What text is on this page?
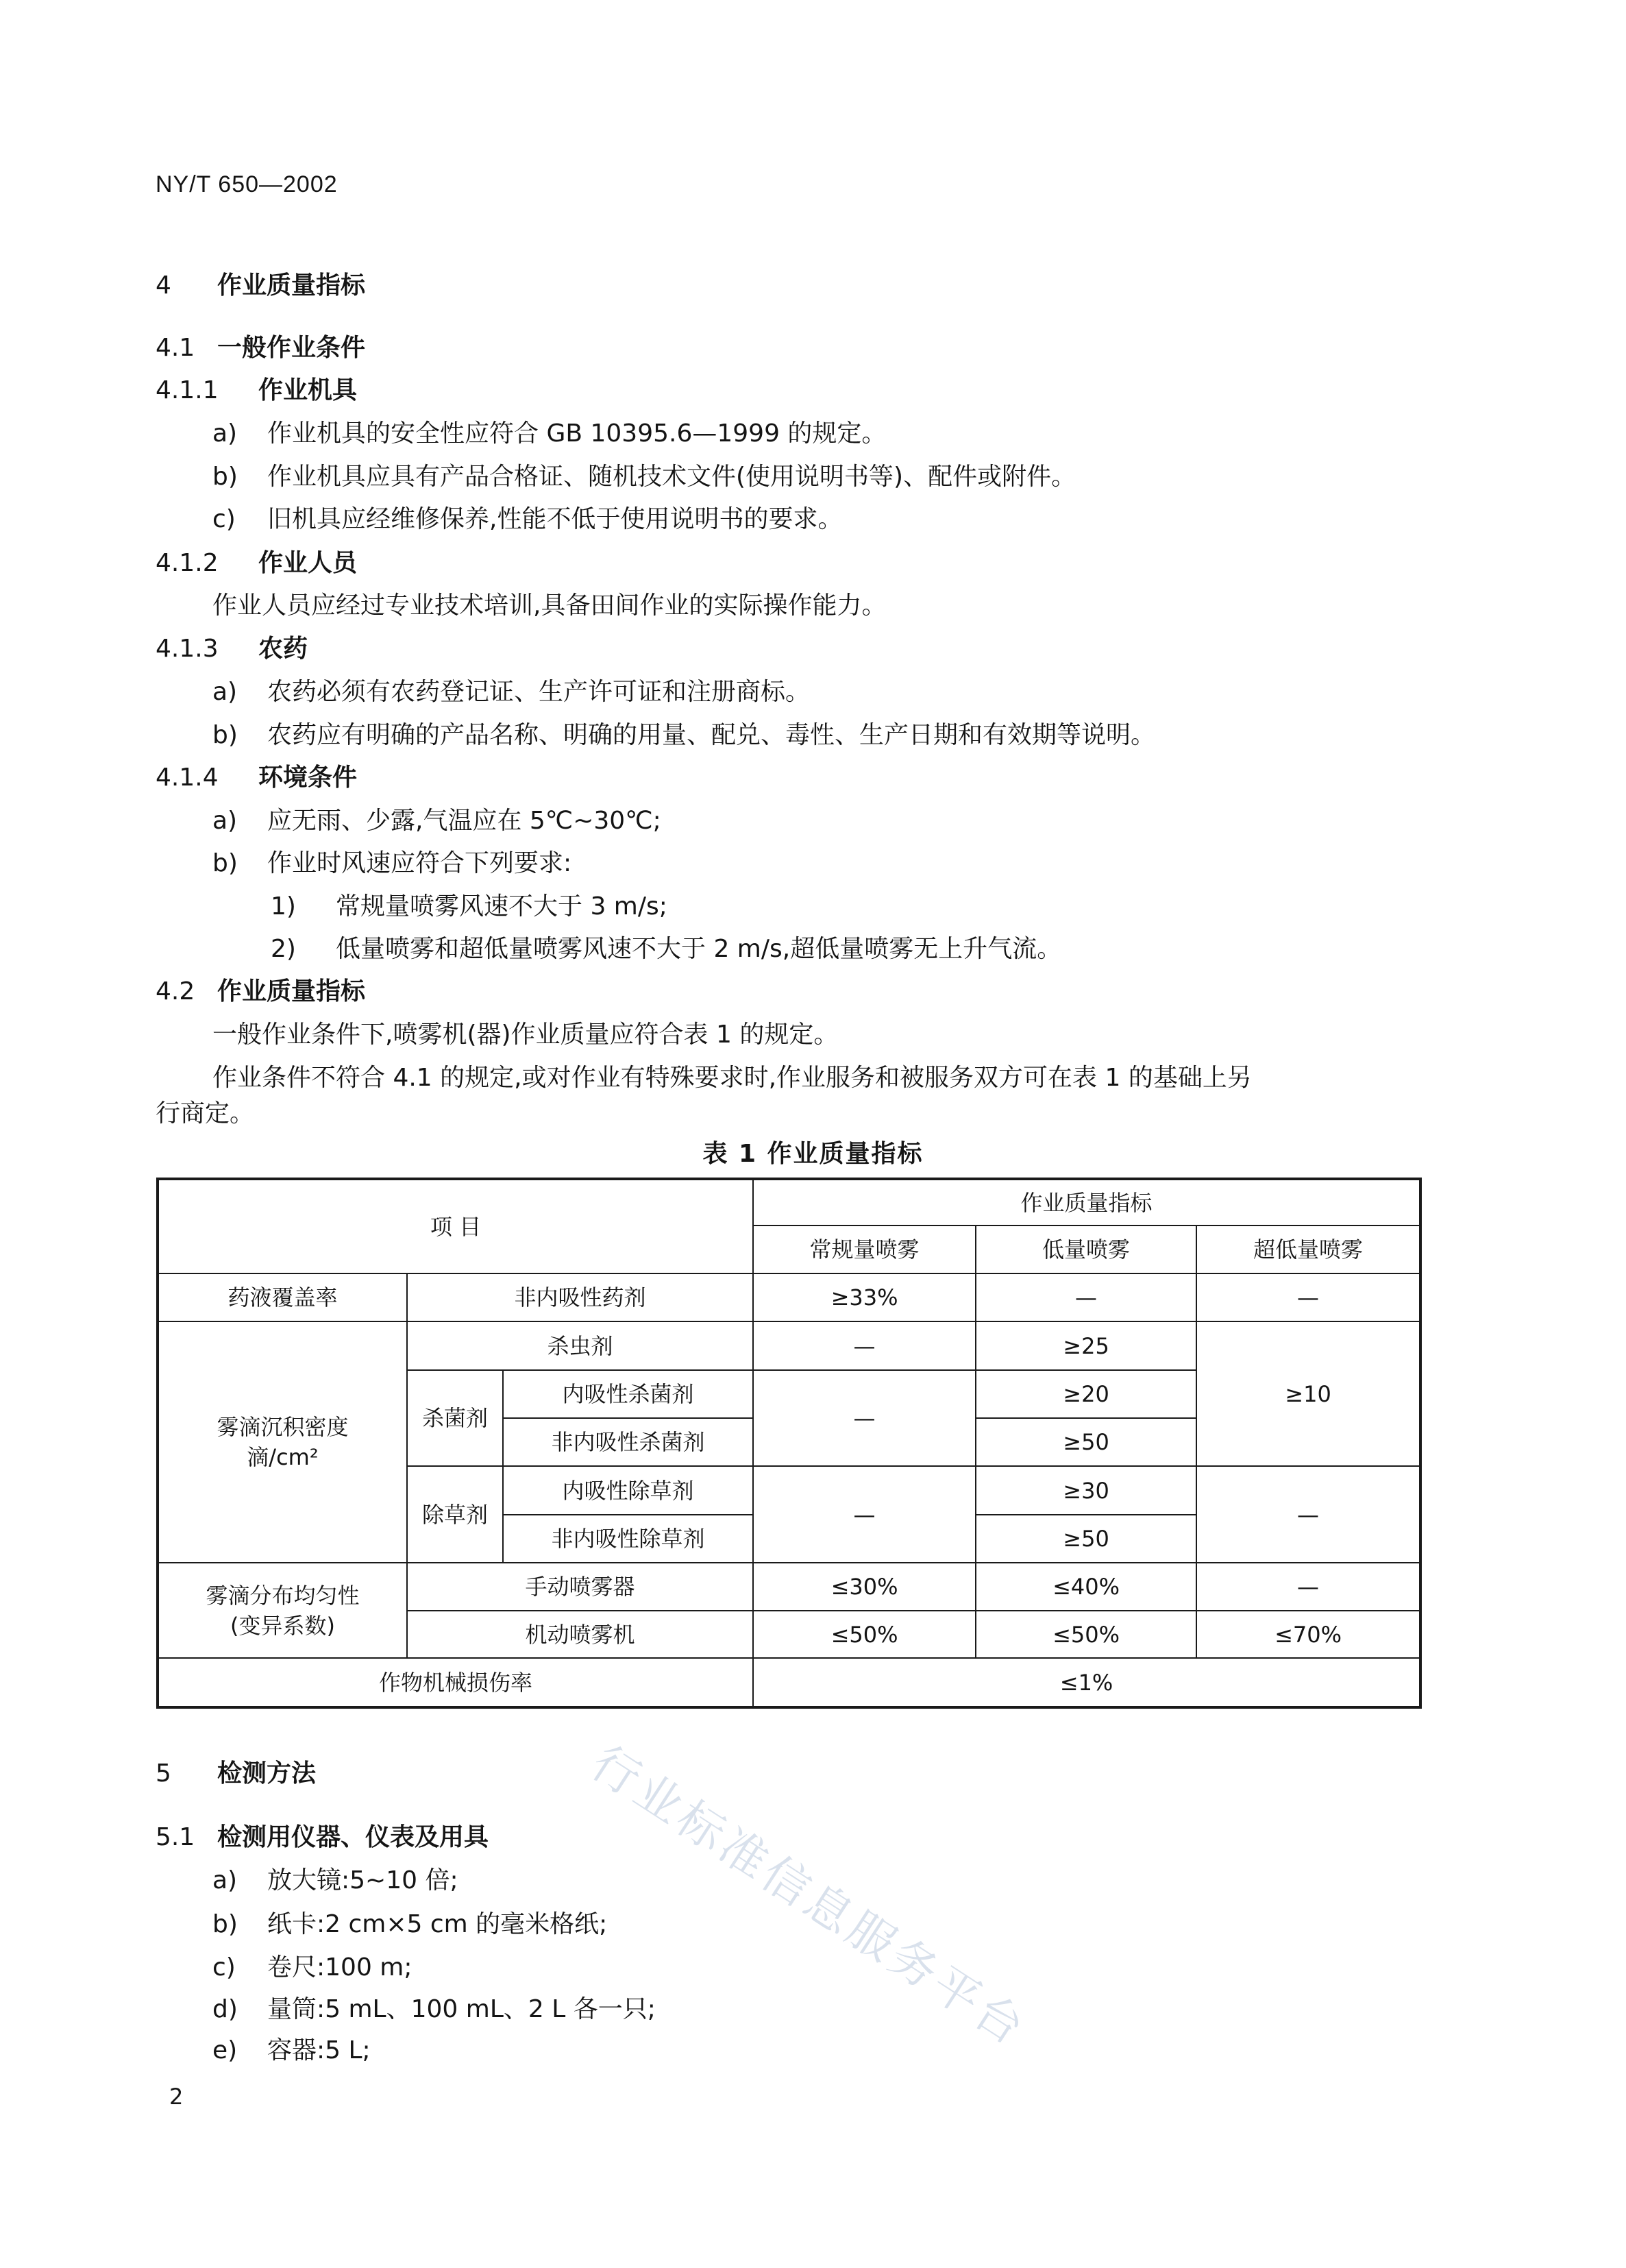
NY/T 650—2002
4 作业质量指标
4.1 一般作业条件
4.1.1 作业机具
a) 作业机具的安全性应符合 GB 10395.6—1999 的规定。
b) 作业机具应具有产品合格证、随机技术文件(使用说明书等)、配件或附件。
c) 旧机具应经维修保养,性能不低于使用说明书的要求。
4.1.2 作业人员
作业人员应经过专业技术培训,具备田间作业的实际操作能力。
4.1.3 农药
a) 农药必须有农药登记证、生产许可证和注册商标。
b) 农药应有明确的产品名称、明确的用量、配兑、毒性、生产日期和有效期等说明。
4.1.4 环境条件
a) 应无雨、少露,气温应在 5℃~30℃;
b) 作业时风速应符合下列要求:
1) 常规量喷雾风速不大于 3 m/s;
2) 低量喷雾和超低量喷雾风速不大于 2 m/s,超低量喷雾无上升气流。
4.2 作业质量指标
一般作业条件下,喷雾机(器)作业质量应符合表 1 的规定。
作业条件不符合 4.1 的规定,或对作业有特殊要求时,作业服务和被服务双方可在表 1 的基础上另
行商定。
表 1 作业质量指标
项 目			作业质量指标		
			常规量喷雾	低量喷雾	超低量喷雾
药液覆盖率	非内吸性药剂		≥33%	—	—
雾滴沉积密度
滴/cm²	杀虫剂		—	≥25	≥10
	杀菌剂	内吸性杀菌剂	—	≥20	
		非内吸性杀菌剂		≥50	
	除草剂	内吸性除草剂	—	≥30	—
		非内吸性除草剂		≥50	
雾滴分布均匀性
(变异系数)	手动喷雾器		≤30%	≤40%	—
	机动喷雾机		≤50%	≤50%	≤70%
作物机械损伤率			≤1%		
5 检测方法
5.1 检测用仪器、仪表及用具
a) 放大镜:5~10 倍;
b) 纸卡:2 cm×5 cm 的毫米格纸;
c) 卷尺:100 m;
d) 量筒:5 mL、100 mL、2 L 各一只;
e) 容器:5 L;
2
行业标准信息服务平台
